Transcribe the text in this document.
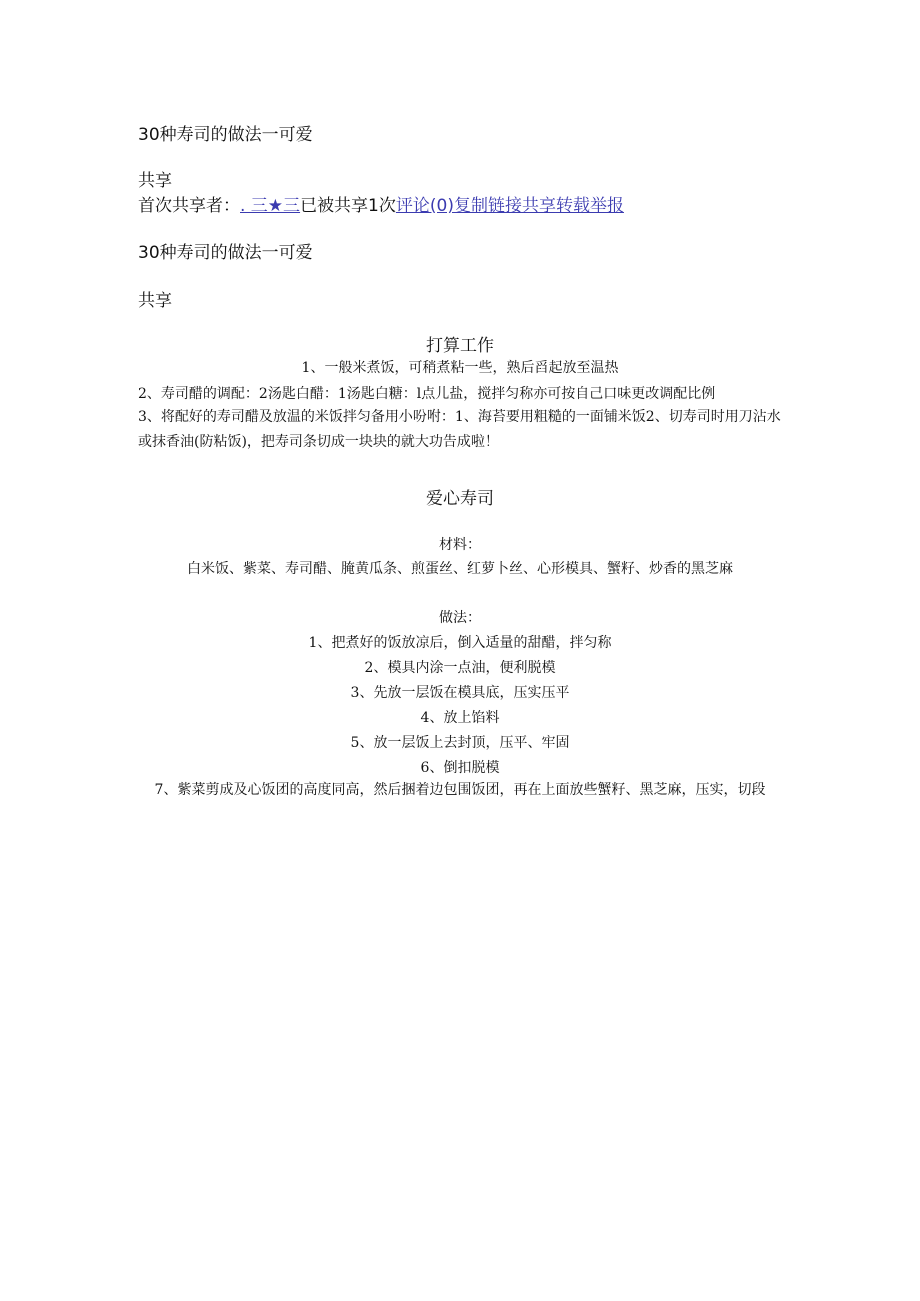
30种寿司的做法一可爱
共享
首次共享者：. 三★三已被共享1次评论(0)复制链接共享转载举报
30种寿司的做法一可爱
共享
打算工作
1、一般米煮饭，可稍煮粘一些，熟后舀起放至温热
2、寿司醋的调配：2汤匙白醋：1汤匙白糖：l点儿盐，搅拌匀称亦可按自己口味更改调配比例
3、将配好的寿司醋及放温的米饭拌匀备用小吩咐：1、海苔要用粗糙的一面铺米饭2、切寿司时用刀沾水或抹香油(防粘饭)，把寿司条切成一块块的就大功告成啦！
爱心寿司
材料：
白米饭、紫菜、寿司醋、腌黄瓜条、煎蛋丝、红萝卜丝、心形模具、蟹籽、炒香的黑芝麻
做法：
1、把煮好的饭放凉后，倒入适量的甜醋，拌匀称
2、模具内涂一点油，便利脱模
3、先放一层饭在模具底，压实压平
4、放上馅料
5、放一层饭上去封顶，压平、牢固
6、倒扣脱模
7、紫菜剪成及心饭团的高度同高，然后捆着边包围饭团，再在上面放些蟹籽、黑芝麻，压实，切段
